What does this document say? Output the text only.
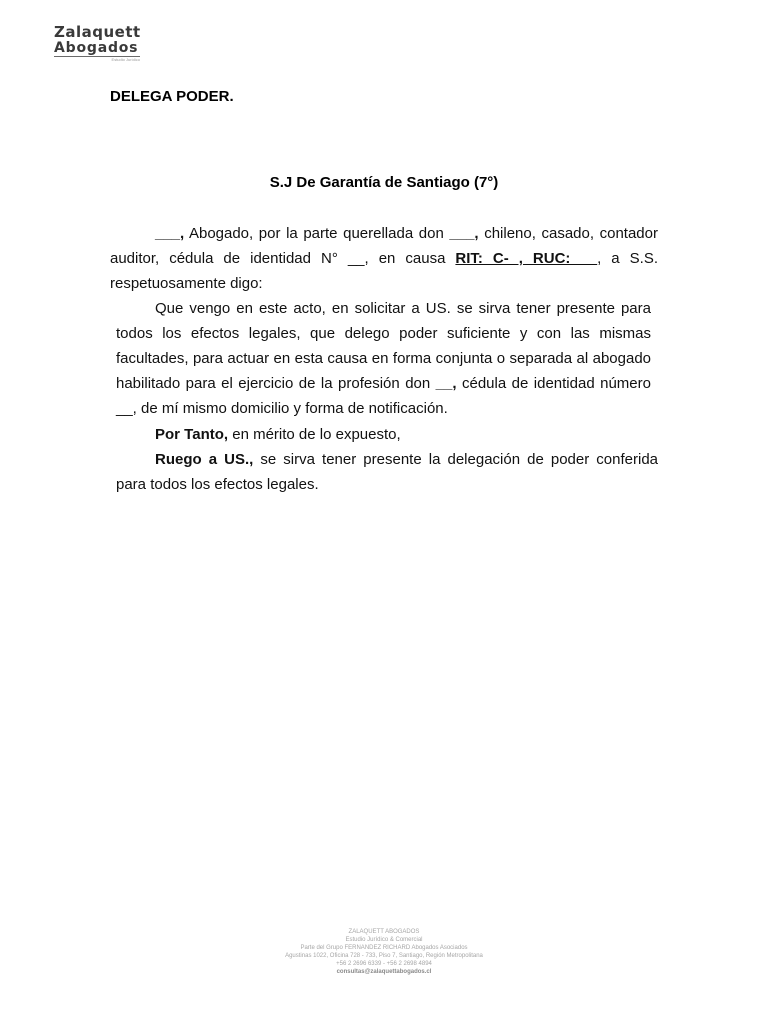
Zalaquett
Abogados
Estudio Jurídico
DELEGA PODER.
S.J De Garantía de Santiago (7°)
___, Abogado, por la parte querellada don ___, chileno, casado, contador auditor, cédula de identidad N° __, en causa RIT: C- , RUC: __, a S.S. respetuosamente digo:
Que vengo en este acto, en solicitar a US. se sirva tener presente para todos los efectos legales, que delego poder suficiente y con las mismas facultades, para actuar en esta causa en forma conjunta o separada al abogado habilitado para el ejercicio de la profesión don __, cédula de identidad número __, de mí mismo domicilio y forma de notificación.
Por Tanto, en mérito de lo expuesto,
Ruego a US., se sirva tener presente la delegación de poder conferida para todos los efectos legales.
ZALAQUETT ABOGADOS
Estudio Jurídico & Comercial
Parte del Grupo FERNANDEZ RICHARD Abogados Asociados
Agustinas 1022, Oficina 728 - 733, Piso 7, Santiago, Región Metropolitana
+56 2 2696 6339 - +56 2 2698 4894
consultas@zalaquettabogados.cl
